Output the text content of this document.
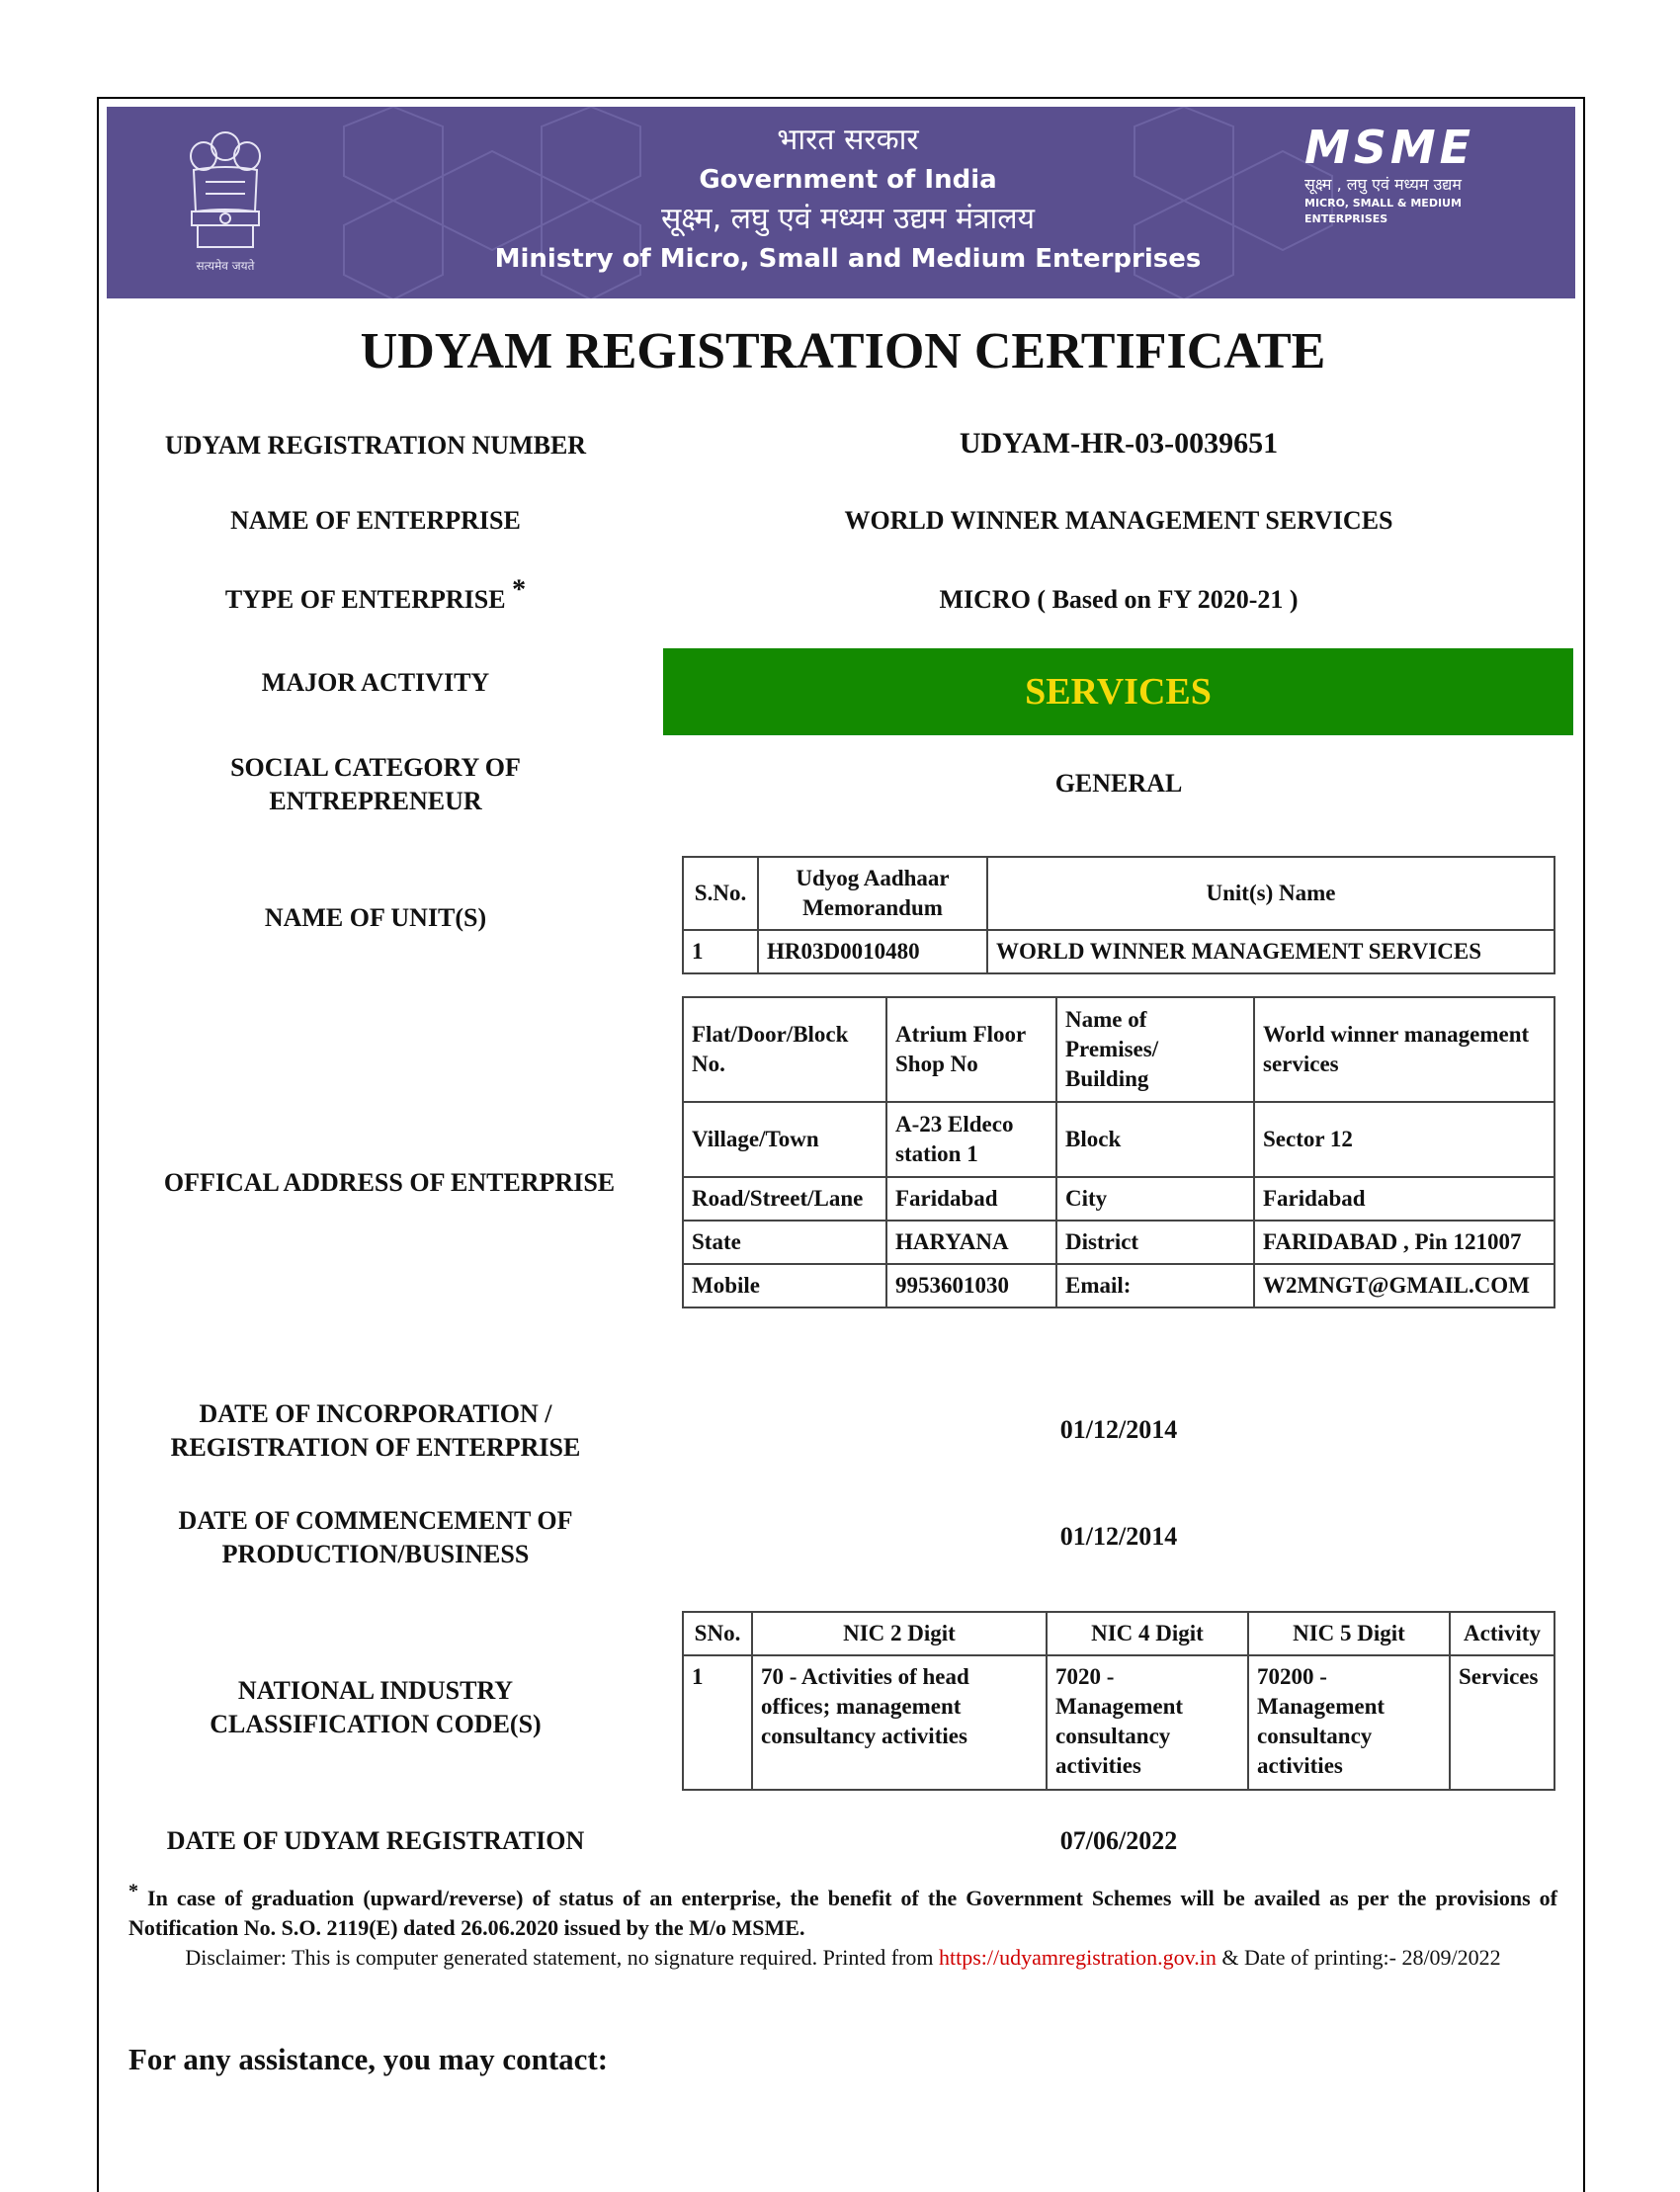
सत्यमेव जयते
भारत सरकार
Government of India
सूक्ष्म, लघु एवं मध्यम उद्यम मंत्रालय
Ministry of Micro, Small and Medium Enterprises
MSME
सूक्ष्म , लघु एवं मध्यम उद्यम
MICRO, SMALL & MEDIUM ENTERPRISES
UDYAM REGISTRATION CERTIFICATE
UDYAM REGISTRATION NUMBER	UDYAM-HR-03-0039651
NAME OF ENTERPRISE	WORLD WINNER MANAGEMENT SERVICES
TYPE OF ENTERPRISE *	MICRO ( Based on FY 2020-21 )
MAJOR ACTIVITY	SERVICES
SOCIAL CATEGORY OF
ENTREPRENEUR
GENERAL
NAME OF UNIT(S)
S.No.	Udyog Aadhaar Memorandum	Unit(s) Name
1	HR03D0010480	WORLD WINNER MANAGEMENT SERVICES
OFFICAL ADDRESS OF ENTERPRISE
Flat/Door/Block No.	Atrium Floor Shop No	Name of Premises/ Building	World winner management services
Village/Town	A-23 Eldeco station 1	Block	Sector 12
Road/Street/Lane	Faridabad	City	Faridabad
State	HARYANA	District	FARIDABAD , Pin 121007
Mobile	9953601030	Email:	W2MNGT@GMAIL.COM
DATE OF INCORPORATION /
REGISTRATION OF ENTERPRISE
01/12/2014
DATE OF COMMENCEMENT OF
PRODUCTION/BUSINESS
01/12/2014
NATIONAL INDUSTRY
CLASSIFICATION CODE(S)
SNo.	NIC 2 Digit	NIC 4 Digit	NIC 5 Digit	Activity
1	70 - Activities of head offices; management consultancy activities	7020 - Management consultancy activities	70200 - Management consultancy activities	Services
DATE OF UDYAM REGISTRATION	07/06/2022
* In case of graduation (upward/reverse) of status of an enterprise, the benefit of the Government Schemes will be availed as per the provisions of Notification No. S.O. 2119(E) dated 26.06.2020 issued by the M/o MSME.
Disclaimer: This is computer generated statement, no signature required. Printed from https://udyamregistration.gov.in & Date of printing:- 28/09/2022
For any assistance, you may contact:
